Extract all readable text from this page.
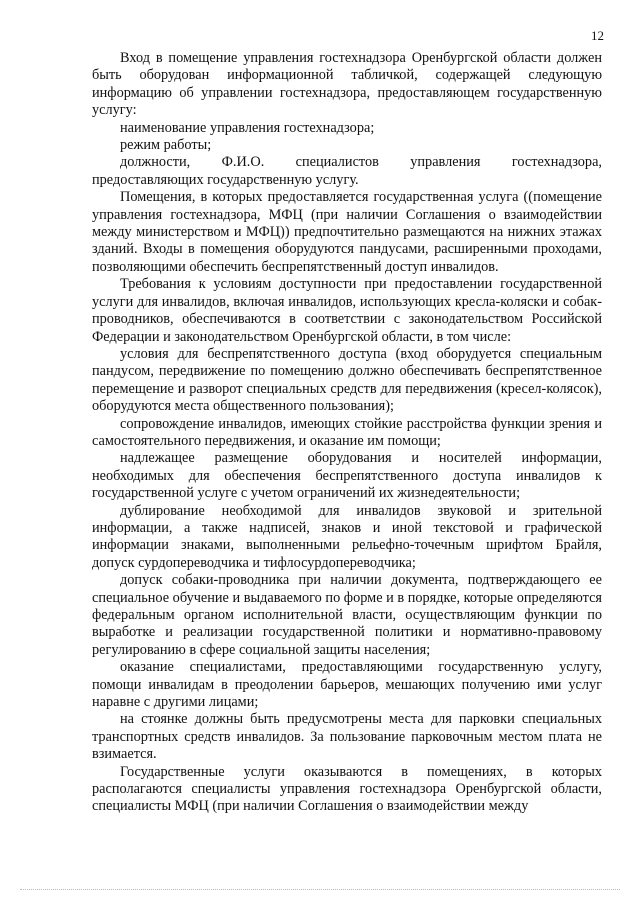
12

Вход в помещение управления гостехнадзора Оренбургской области должен быть оборудован информационной табличкой, содержащей следующую информацию об управлении гостехнадзора, предоставляющем государственную услугу:

наименование управления гостехнадзора;

режим работы;

должности, Ф.И.О. специалистов управления гостехнадзора, предоставляющих государственную услугу.

Помещения, в которых предоставляется государственная услуга ((помещение управления гостехнадзора, МФЦ (при наличии Соглашения о взаимодействии между министерством и МФЦ)) предпочтительно размещаются на нижних этажах зданий. Входы в помещения оборудуются пандусами, расширенными проходами, позволяющими обеспечить беспрепятственный доступ инвалидов.

Требования к условиям доступности при предоставлении государственной услуги для инвалидов, включая инвалидов, использующих кресла-коляски и собак-проводников, обеспечиваются в соответствии с законодательством Российской Федерации и законодательством Оренбургской области, в том числе:

условия для беспрепятственного доступа (вход оборудуется специальным пандусом, передвижение по помещению должно обеспечивать беспрепятственное перемещение и разворот специальных средств для передвижения (кресел-колясок), оборудуются места общественного пользования);

сопровождение инвалидов, имеющих стойкие расстройства функции зрения и самостоятельного передвижения, и оказание им помощи;

надлежащее размещение оборудования и носителей информации, необходимых для обеспечения беспрепятственного доступа инвалидов к государственной услуге с учетом ограничений их жизнедеятельности;

дублирование необходимой для инвалидов звуковой и зрительной информации, а также надписей, знаков и иной текстовой и графической информации знаками, выполненными рельефно-точечным шрифтом Брайля, допуск сурдопереводчика и тифлосурдопереводчика;

допуск собаки-проводника при наличии документа, подтверждающего ее специальное обучение и выдаваемого по форме и в порядке, которые определяются федеральным органом исполнительной власти, осуществляющим функции по выработке и реализации государственной политики и нормативно-правовому регулированию в сфере социальной защиты населения;

оказание специалистами, предоставляющими государственную услугу, помощи инвалидам в преодолении барьеров, мешающих получению ими услуг наравне с другими лицами;

на стоянке должны быть предусмотрены места для парковки специальных транспортных средств инвалидов. За пользование парковочным местом плата не взимается.

Государственные услуги оказываются в помещениях, в которых располагаются специалисты управления гостехнадзора Оренбургской области, специалисты МФЦ (при наличии Соглашения о взаимодействии между
